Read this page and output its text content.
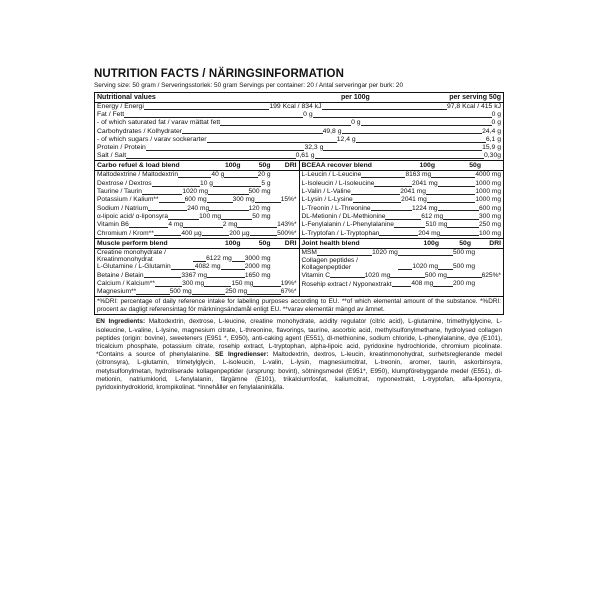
NUTRITION FACTS / NÄRINGSINFORMATION
Serving size: 50 gram / Serveringsstorlek: 50 gram Servings per container: 20 / Antal serveringar per burk: 20
Nutritional values	per 100g	per serving 50g
Energy / Energi	199 Kcal / 834 kJ	97,8 Kcal / 415 kJ
Fat / Fett	0 g	0 g
- of which saturated fat / varav mättat fett	0 g	0 g
Carbohydrates / Kolhydrater	49,8 g	24,4 g
- of which sugars / varav sockerarter	12,4 g	6,1 g
Protein / Protein	32,3 g	15,9 g
Salt / Salt	0,61 g	0,30g
Carbo refuel & load blend	100g	50g	DRI
Maltodextrine / Maltodextrin	40 g	20 g
Dextrose / Dextros	10 g	5 g
Taurine / Taurin	1020 mg	500 mg
Potassium / Kalium**	600 mg	300 mg	15%*
Sodium / Natrium	240 mg	120 mg
α-lipoic acid/ α-liponsyra	100 mg	50 mg
Vitamin B6	4 mg	2 mg	143%*
Chromium / Krom**	400 µg	200 µg	500%*
BCEAA recover blend	100g	50g
L-Leucin / L-Leucine	8163 mg	4000 mg
L-Isoleucin / L-Isoleucine	2041 mg	1000 mg
L-Valin / L-Valine	2041 mg	1000 mg
L-Lysin / L-Lysine	2041 mg	1000 mg
L-Treonin / L-Threonine	1224 mg	600 mg
DL-Metionin / DL-Methionine	612 mg	300 mg
L-Fenylalanin / L-Phenylalanine	510 mg	250 mg
L-Tryptofan / L-Tryptophan	204 mg	100 mg
Muscle perform blend	100g	50g	DRI
Creatine monohydrate / Kreatinmonohydrat	6122 mg 3000 mg
L-Glutamine / L-Glutamin	4082 mg	2000 mg
Betaine / Betain	3367 mg	1650 mg
Calcium / Kalcium**	300 mg	150 mg	19%*
Magnesium**	500 mg	250 mg	67%*
Joint health blend	100g	50g	DRI
MSM	1020 mg	500 mg
Collagen peptides / Kollagenpeptider	1020 mg 500 mg
Vitamin C	1020 mg	500 mg	625%*
Rosehip extract / Nyponextrakt	408 mg	200 mg
*%DRI: percentage of daily reference intake for labeling purposes according to EU. **of which elemental amount of the substance. *%DRI: procent av dagligt referensintag för märkningsändamål enligt EU. **varav elementär mängd av ämnet.
EN Ingredients: Maltodextrin, dextrose, L-leucine, creatine monohydrate, acidity regulator (citric acid), L-glutamine, trimethylglycine, L-isoleucine, L-valine, L-lysine, magnesium citrate, L-threonine, flavorings, taurine, ascorbic acid, methylsulfonylmethane, hydrolysed collagen peptides (origin: bovine), sweeteners (E951 *, E950), anti-caking agent (E551), dl-methionine, sodium chloride, L-phenylalanine, dye (E101), tricalcium phosphate, potassium citrate, rosehip extract, L-tryptophan, alpha-lipoic acid, pyridoxine hydrochloride, chromium picolinate. *Contains a source of phenylalanine. SE Ingredienser: Maltodextrin, dextros, L-leucin, kreatinmonohydrat, surhetsreglerande medel (citronsyra), L-glutamin, trimetylglycin, L-isoleucin, L-valin, L-lysin, magnesiumcitrat, L-treonin, aromer, taurin, askorbinsyra, metylsulfonylmetan, hydroliserade kollagenpeptider (ursprung: bovint), sötningsmedel (E951*, E950), klumpförebyggande medel (E551), dl-metionin, natriumklorid, L-fenylalanin, färgämne (E101), trikalciumfosfat, kaliumcitrat, nyponextrakt, L-tryptofan, alfa-liponsyra, pyridoxinhydroklorid, krompikolinat. *Innehåller en fenylalaninkälla.
